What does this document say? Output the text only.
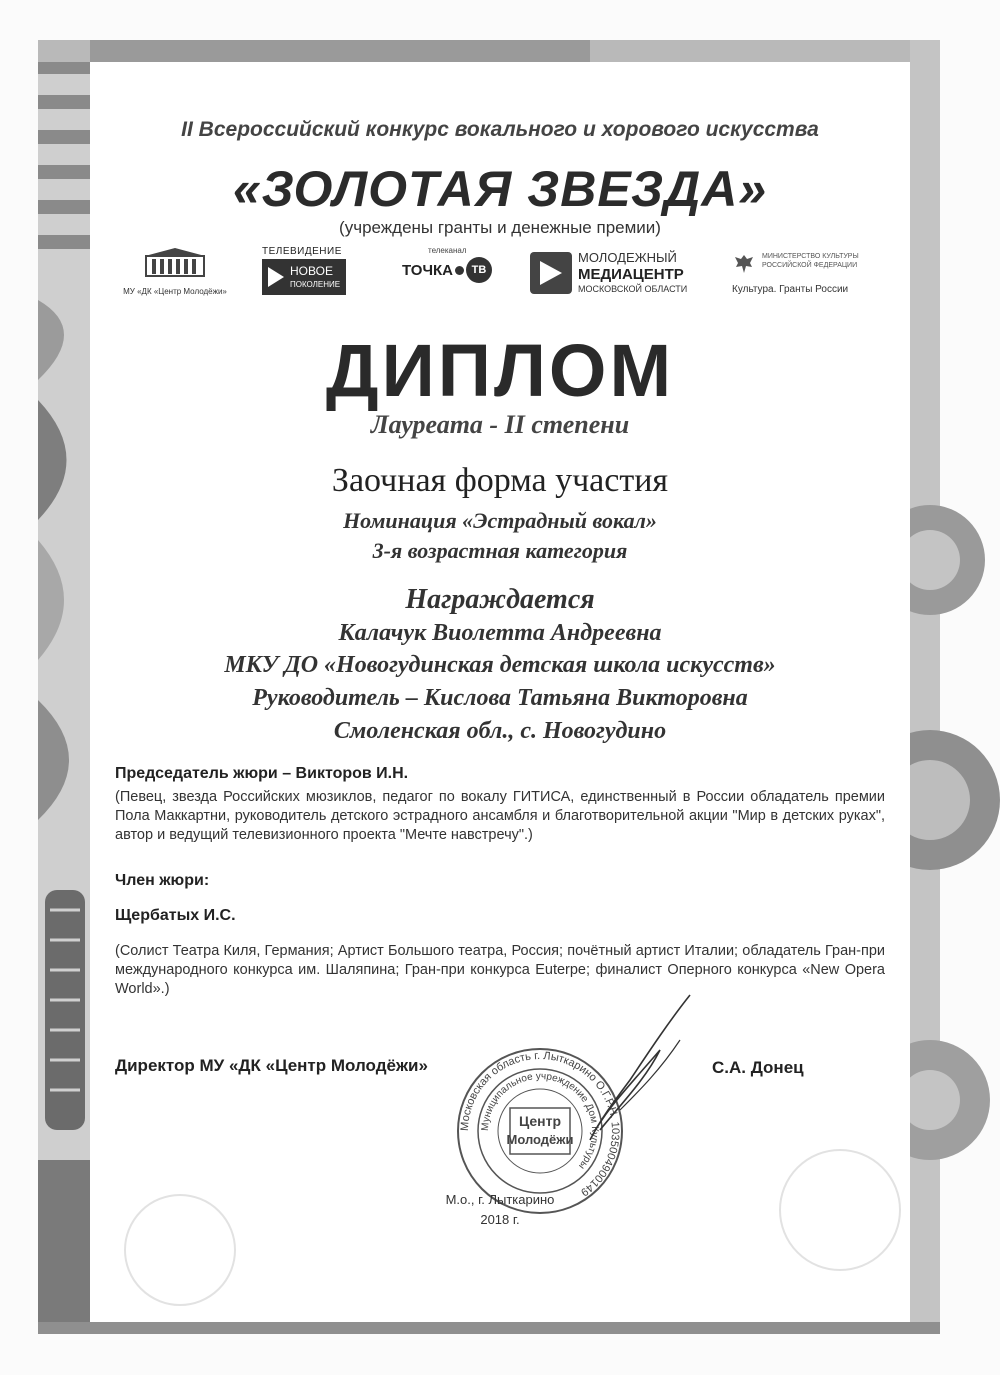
II Всероссийский конкурс вокального и хорового искусства
«ЗОЛОТАЯ ЗВЕЗДА»
(учреждены гранты и денежные премии)
МУ «ДК «Центр Молодёжи»
ТЕЛЕВИДЕНИЕ
НОВОЕ
ПОКОЛЕНИЕ
телеканал
ТОЧКА	ТВ
МОЛОДЕЖНЫЙ
МЕДИАЦЕНТР
МОСКОВСКОЙ ОБЛАСТИ
МИНИСТЕРСТВО КУЛЬТУРЫ РОССИЙСКОЙ ФЕДЕРАЦИИ
Культура. Гранты России
ДИПЛОМ
Лауреата - II степени
Заочная форма участия
Номинация «Эстрадный вокал»
3-я возрастная категория
Награждается
Калачук Виолетта Андреевна
МКУ ДО «Новогудинская детская школа искусств»
Руководитель – Кислова Татьяна Викторовна
Смоленская обл., с. Новогудино
Председатель жюри – Викторов И.Н.
(Певец, звезда Российских мюзиклов, педагог по вокалу ГИТИСА, единственный в России обладатель премии Пола Маккартни, руководитель детского эстрадного ансамбля и благотворительной акции "Мир в детских руках", автор и ведущий телевизионного проекта "Мечте навстречу".)
Член жюри:
Щербатых И.С.
(Солист Театра Киля, Германия; Артист Большого театра, Россия; почётный артист Италии; обладатель Гран-при международного конкурса им. Шаляпина; Гран-при конкурса Euterpe; финалист Оперного конкурса «New Opera World».)
Директор МУ «ДК «Центр Молодёжи»	С.А. Донец
Московская область г. Лыткарино О.Г.Р.Н. 1035004900149
Муниципальное учреждение Дом Культуры
Центр
Молодёжи
М.о., г. Лыткарино
2018 г.
